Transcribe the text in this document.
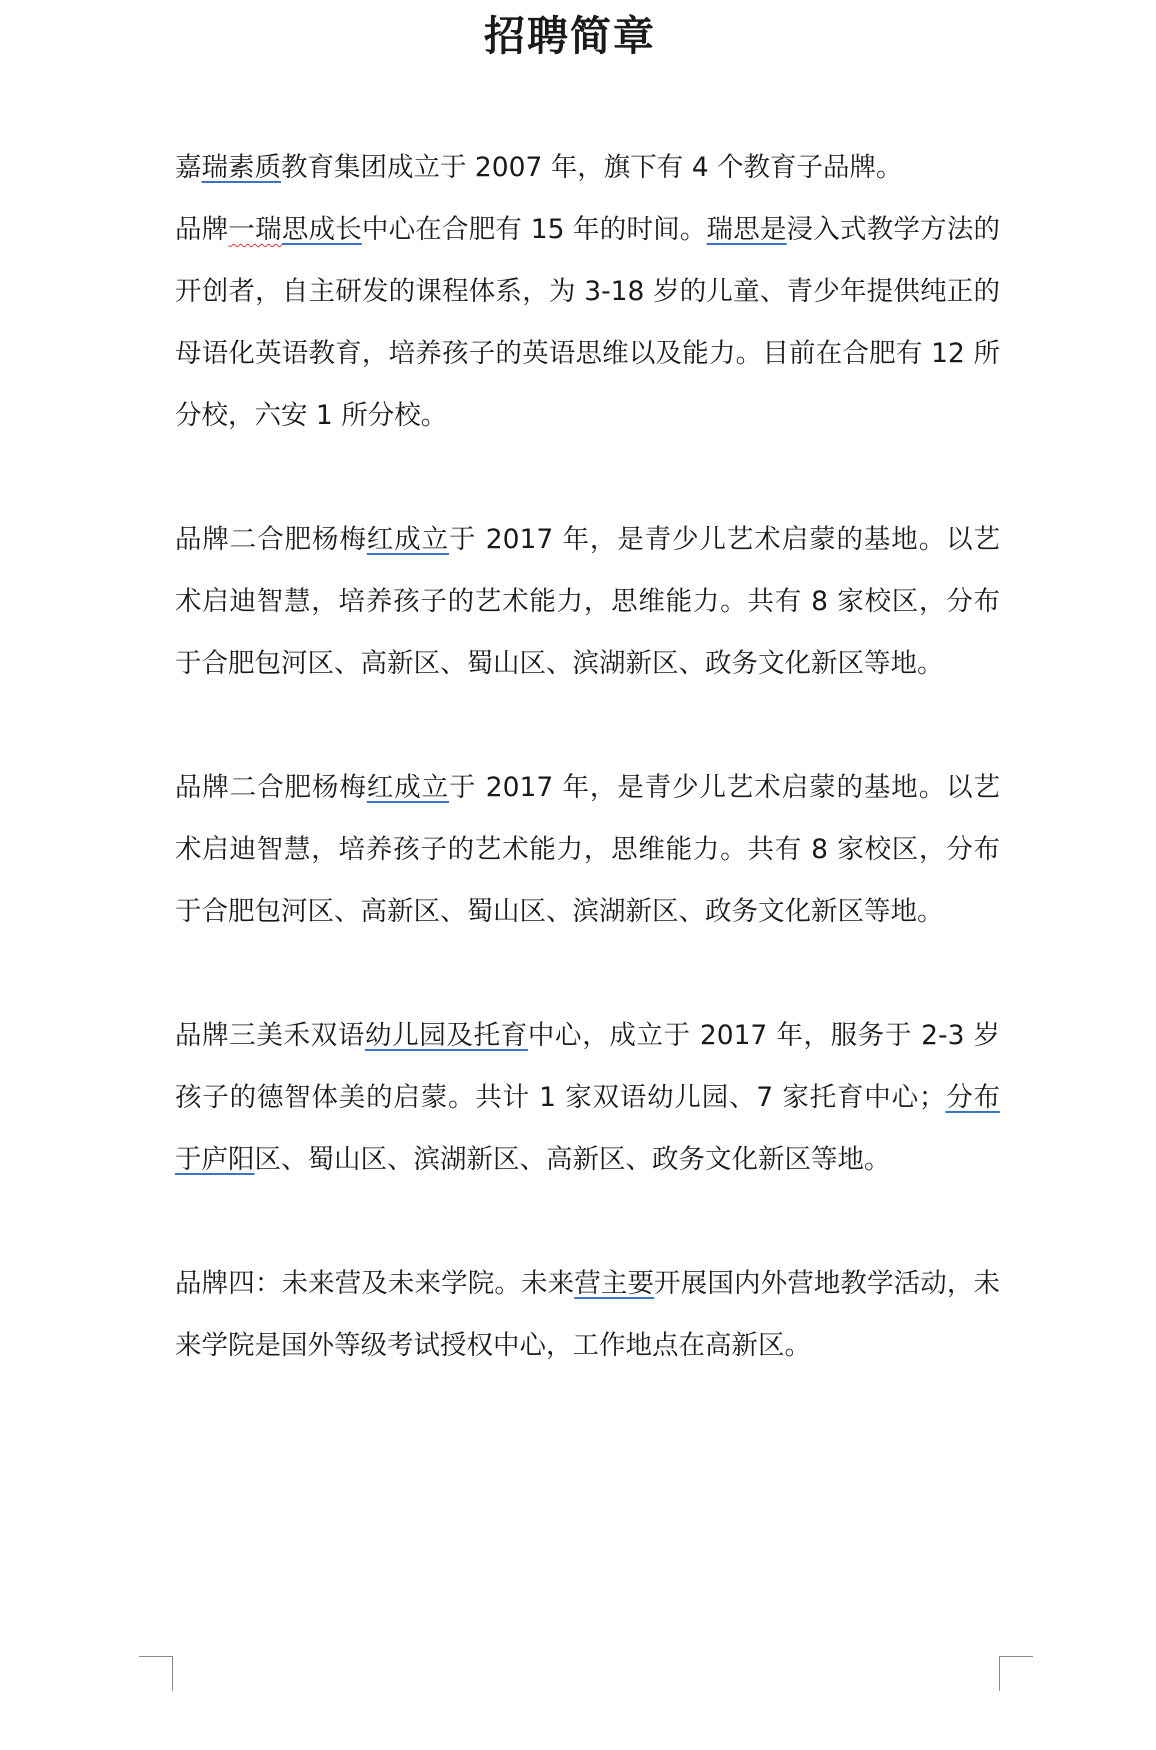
招聘简章

嘉瑞素质教育集团成立于 2007 年，旗下有 4 个教育子品牌。

品牌一瑞思成长中心在合肥有 15 年的时间。瑞思是浸入式教学方法的开创者，自主研发的课程体系，为 3-18 岁的儿童、青少年提供纯正的母语化英语教育，培养孩子的英语思维以及能力。目前在合肥有 12 所分校，六安 1 所分校。

品牌二合肥杨梅红成立于 2017 年，是青少儿艺术启蒙的基地。以艺术启迪智慧，培养孩子的艺术能力，思维能力。共有 8 家校区，分布于合肥包河区、高新区、蜀山区、滨湖新区、政务文化新区等地。

品牌二合肥杨梅红成立于 2017 年，是青少儿艺术启蒙的基地。以艺术启迪智慧，培养孩子的艺术能力，思维能力。共有 8 家校区，分布于合肥包河区、高新区、蜀山区、滨湖新区、政务文化新区等地。

品牌三美禾双语幼儿园及托育中心，成立于 2017 年，服务于 2-3 岁孩子的德智体美的启蒙。共计 1 家双语幼儿园、7 家托育中心；分布于庐阳区、蜀山区、滨湖新区、高新区、政务文化新区等地。

品牌四：未来营及未来学院。未来营主要开展国内外营地教学活动，未来学院是国外等级考试授权中心，工作地点在高新区。
